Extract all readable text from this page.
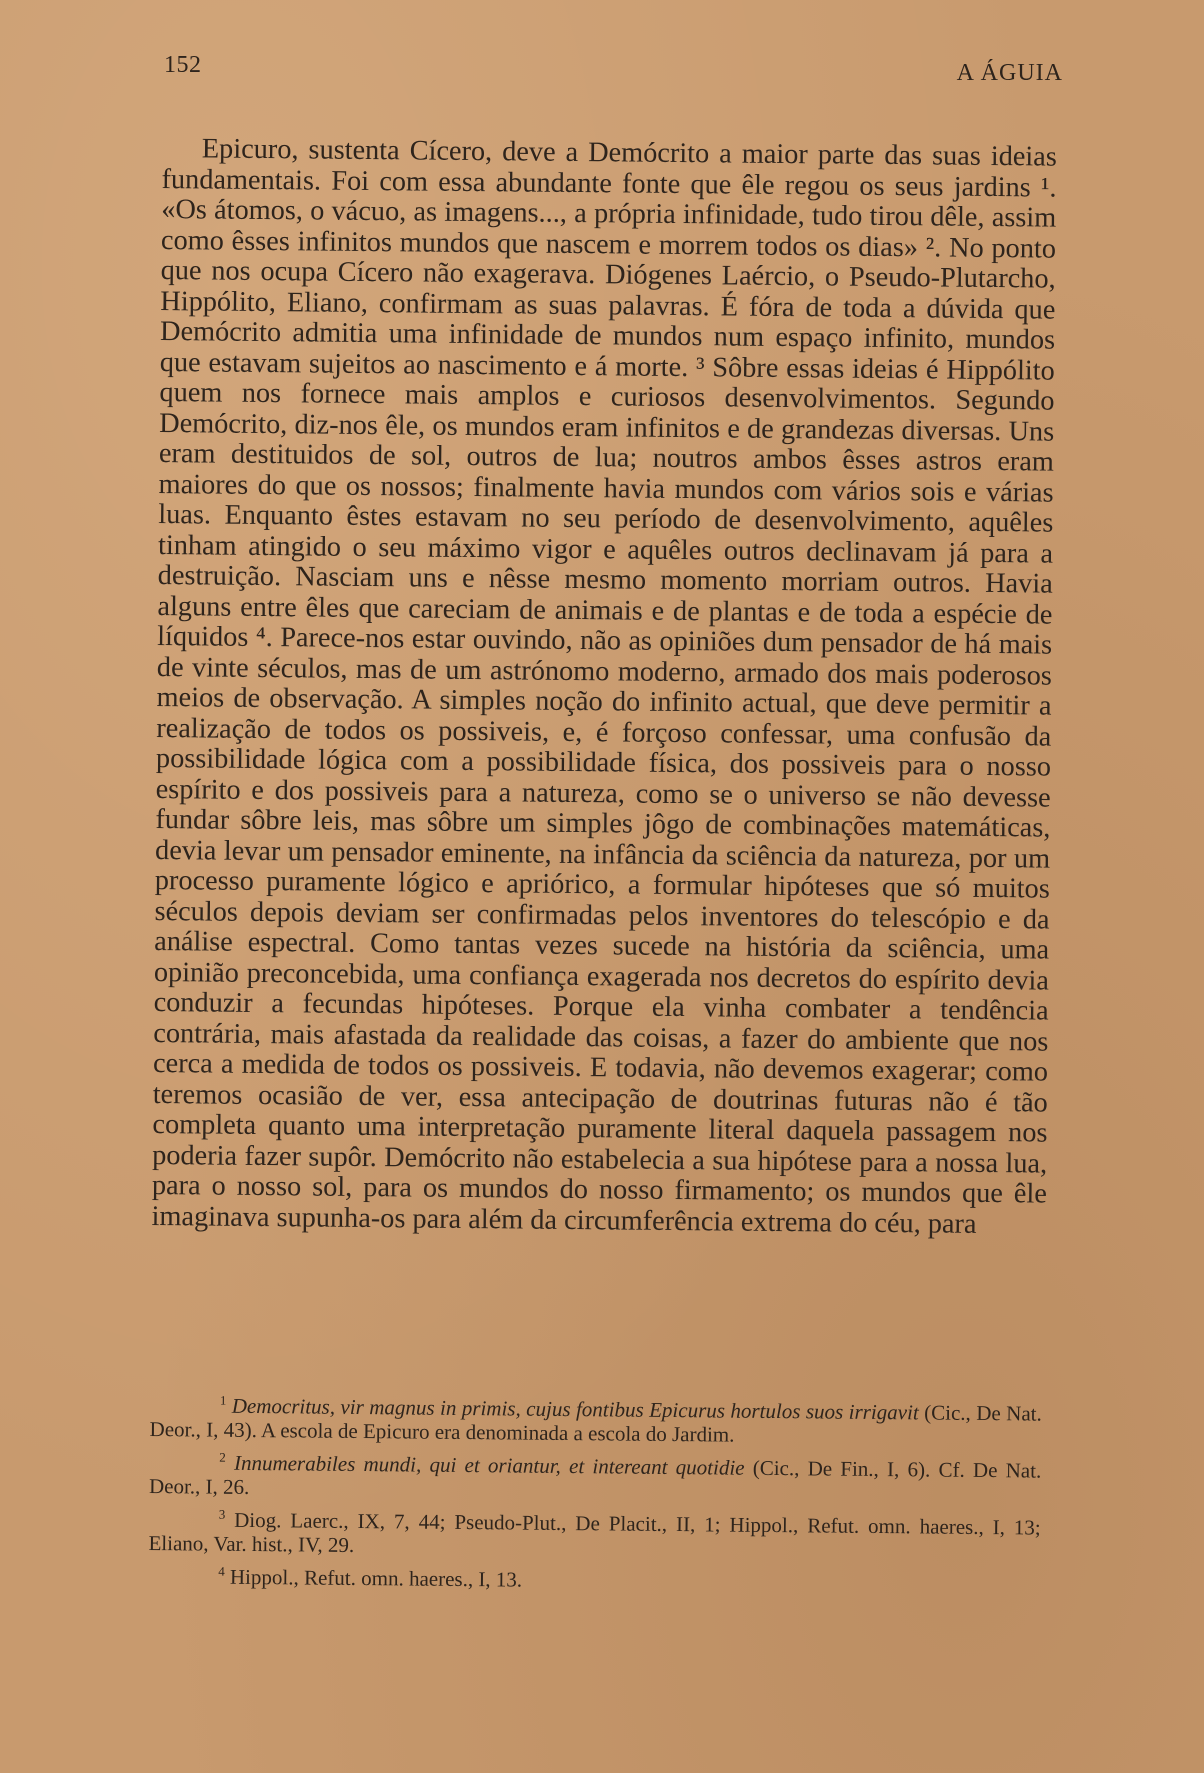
152	A ÁGUIA

Epicuro, sustenta Cícero, deve a Demócrito a maior parte das suas ideias fundamentais. Foi com essa abundante fonte que êle regou os seus jardins ¹. «Os átomos, o vácuo, as imagens..., a própria infinidade, tudo tirou dêle, assim como êsses infinitos mundos que nascem e morrem todos os dias» ². No ponto que nos ocupa Cícero não exagerava. Diógenes Laércio, o Pseudo-Plutarcho, Hippólito, Eliano, confirmam as suas palavras. É fóra de toda a dúvida que Demócrito admitia uma infinidade de mundos num espaço infinito, mundos que estavam sujeitos ao nascimento e á morte. ³ Sôbre essas ideias é Hippólito quem nos fornece mais amplos e curiosos desenvolvimentos. Segundo Demócrito, diz-nos êle, os mundos eram infinitos e de grandezas diversas. Uns eram destituidos de sol, outros de lua; noutros ambos êsses astros eram maiores do que os nossos; finalmente havia mundos com vários sois e várias luas. Enquanto êstes estavam no seu período de desenvolvimento, aquêles tinham atingido o seu máximo vigor e aquêles outros declinavam já para a destruição. Nasciam uns e nêsse mesmo momento morriam outros. Havia alguns entre êles que careciam de animais e de plantas e de toda a espécie de líquidos ⁴. Parece-nos estar ouvindo, não as opiniões dum pensador de há mais de vinte séculos, mas de um astrónomo moderno, armado dos mais poderosos meios de observação. A simples noção do infinito actual, que deve permitir a realização de todos os possiveis, e, é forçoso confessar, uma confusão da possibilidade lógica com a possibilidade física, dos possiveis para o nosso espírito e dos possiveis para a natureza, como se o universo se não devesse fundar sôbre leis, mas sôbre um simples jôgo de combinações matemáticas, devia levar um pensador eminente, na infância da sciência da natureza, por um processo puramente lógico e apriórico, a formular hipóteses que só muitos séculos depois deviam ser confirmadas pelos inventores do telescópio e da análise espectral. Como tantas vezes sucede na história da sciência, uma opinião preconcebida, uma confiança exagerada nos decretos do espírito devia conduzir a fecundas hipóteses. Porque ela vinha combater a tendência contrária, mais afastada da realidade das coisas, a fazer do ambiente que nos cerca a medida de todos os possiveis. E todavia, não devemos exagerar; como teremos ocasião de ver, essa antecipação de doutrinas futuras não é tão completa quanto uma interpretação puramente literal daquela passagem nos poderia fazer supôr. Demócrito não estabelecia a sua hipótese para a nossa lua, para o nosso sol, para os mundos do nosso firmamento; os mundos que êle imaginava supunha-os para além da circumferência extrema do céu, para

$^1$ Democritus, vir magnus in primis, cujus fontibus Epicurus hortulos suos irrigavit (Cic., De Nat. Deor., I, 43). A escola de Epicuro era denominada a escola do Jardim.

$^2$ Innumerabiles mundi, qui et oriantur, et intereant quotidie (Cic., De Fin., I, 6). Cf. De Nat. Deor., I, 26.

$^3$ Diog. Laerc., IX, 7, 44; Pseudo-Plut., De Placit., II, 1; Hippol., Refut. omn. haeres., I, 13; Eliano, Var. hist., IV, 29.

$^4$ Hippol., Refut. omn. haeres., I, 13.
